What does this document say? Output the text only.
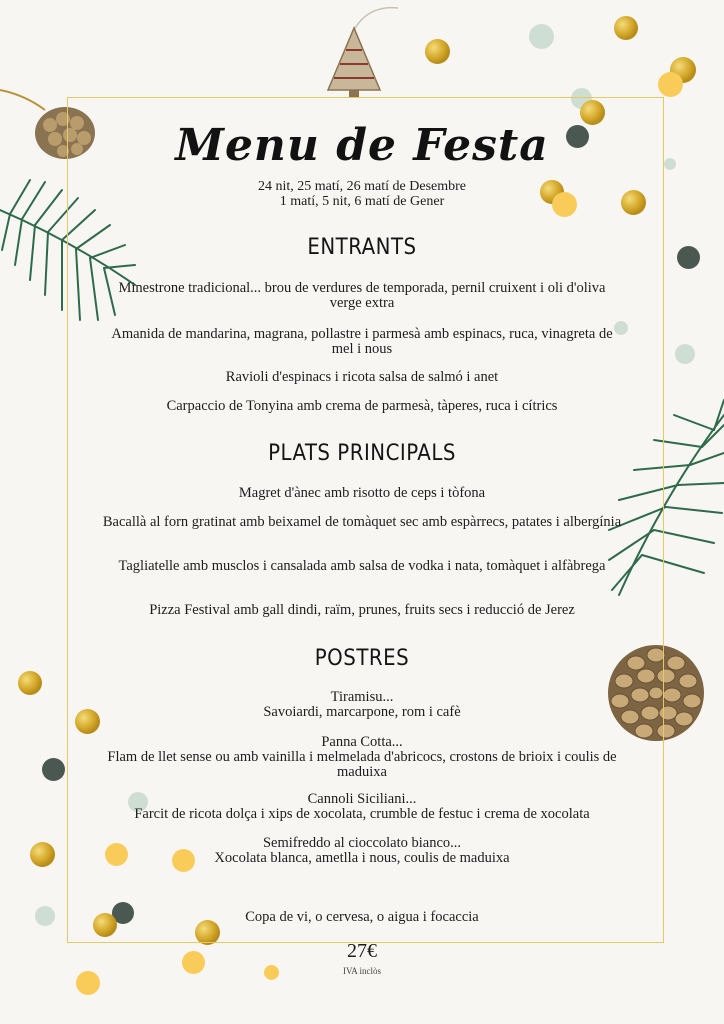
Menu de Festa
24 nit, 25 matí, 26 matí de Desembre
1 matí, 5 nit, 6 matí de Gener
ENTRANTS
Minestrone tradicional... brou de verdures de temporada, pernil cruixent i oli d'oliva verge extra
Amanida de mandarina, magrana, pollastre i parmesà amb espinacs, ruca, vinagreta de mel i nous
Ravioli d'espinacs i ricota salsa de salmó i anet
Carpaccio de Tonyina amb crema de parmesà, tàperes, ruca i cítrics
PLATS PRINCIPALS
Magret d'ànec amb risotto de ceps i tòfona
Bacallà al forn gratinat amb beixamel de tomàquet sec amb espàrrecs, patates i albergínia
Tagliatelle amb musclos i cansalada amb salsa de vodka i nata, tomàquet i alfàbrega
Pizza Festival amb gall dindi, raïm, prunes, fruits secs i reducció de Jerez
POSTRES
Tiramisu...
Savoiardi, marcarpone, rom i cafè
Panna Cotta...
Flam de llet sense ou amb vainilla i melmelada d'abricocs, crostons de brioix i coulis de maduixa
Cannoli Siciliani...
Farcit de ricota dolça i xips de xocolata, crumble de festuc i crema de xocolata
Semifreddo al cioccolato bianco...
Xocolata blanca, ametlla i nous, coulis de maduixa
Copa de vi, o cervesa, o aigua i focaccia
27€
IVA inclòs
